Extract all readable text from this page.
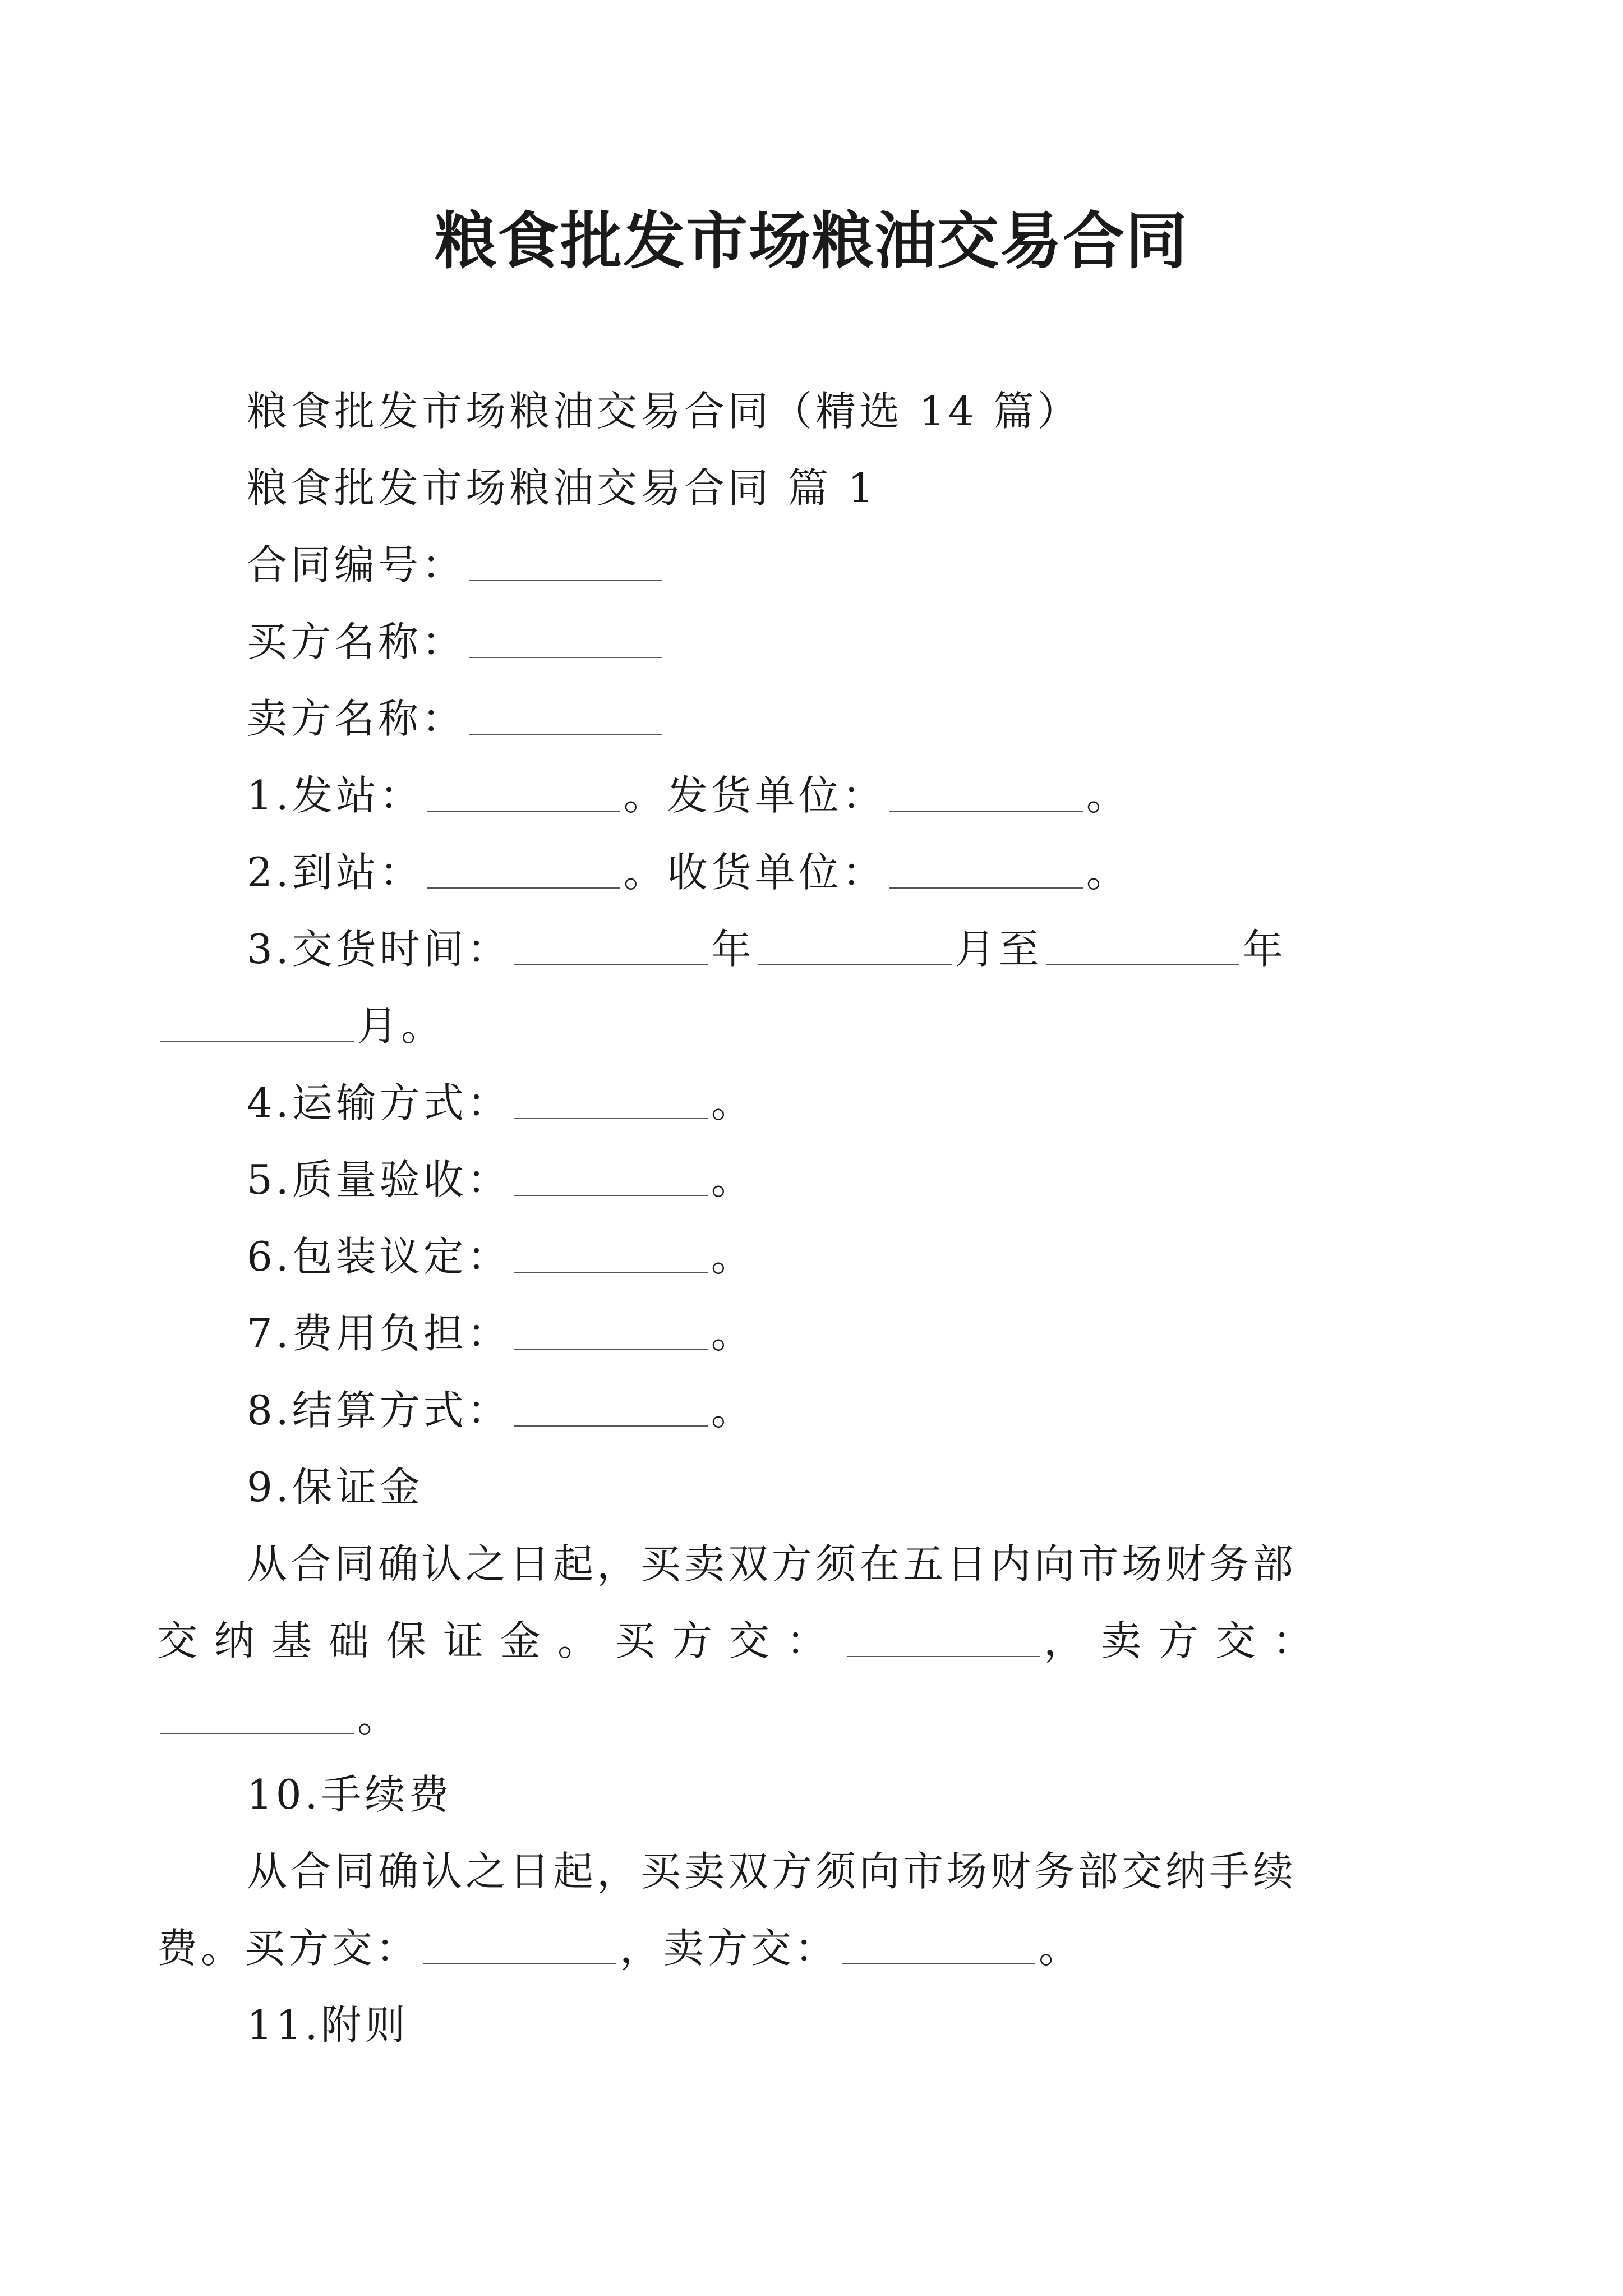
粮食批发市场粮油交易合同

粮食批发市场粮油交易合同（精选 14 篇）

粮食批发市场粮油交易合同 篇 1

合同编号：

买方名称：

卖方名称：

1.发站：	。发货单位：	。

2.到站：	。收货单位：	。

3.交货时间：	年	月至	年

月。

4.运输方式：	。

5.质量验收：	。

6.包装议定：	。

7.费用负担：	。

8.结算方式：	。

9.保证金

从合同确认之日起，买卖双方须在五日内向市场财务部

交纳基础保证金。买方交：	，卖方交：

。

10.手续费

从合同确认之日起，买卖双方须向市场财务部交纳手续

费。买方交：	，卖方交：	。

11.附则
